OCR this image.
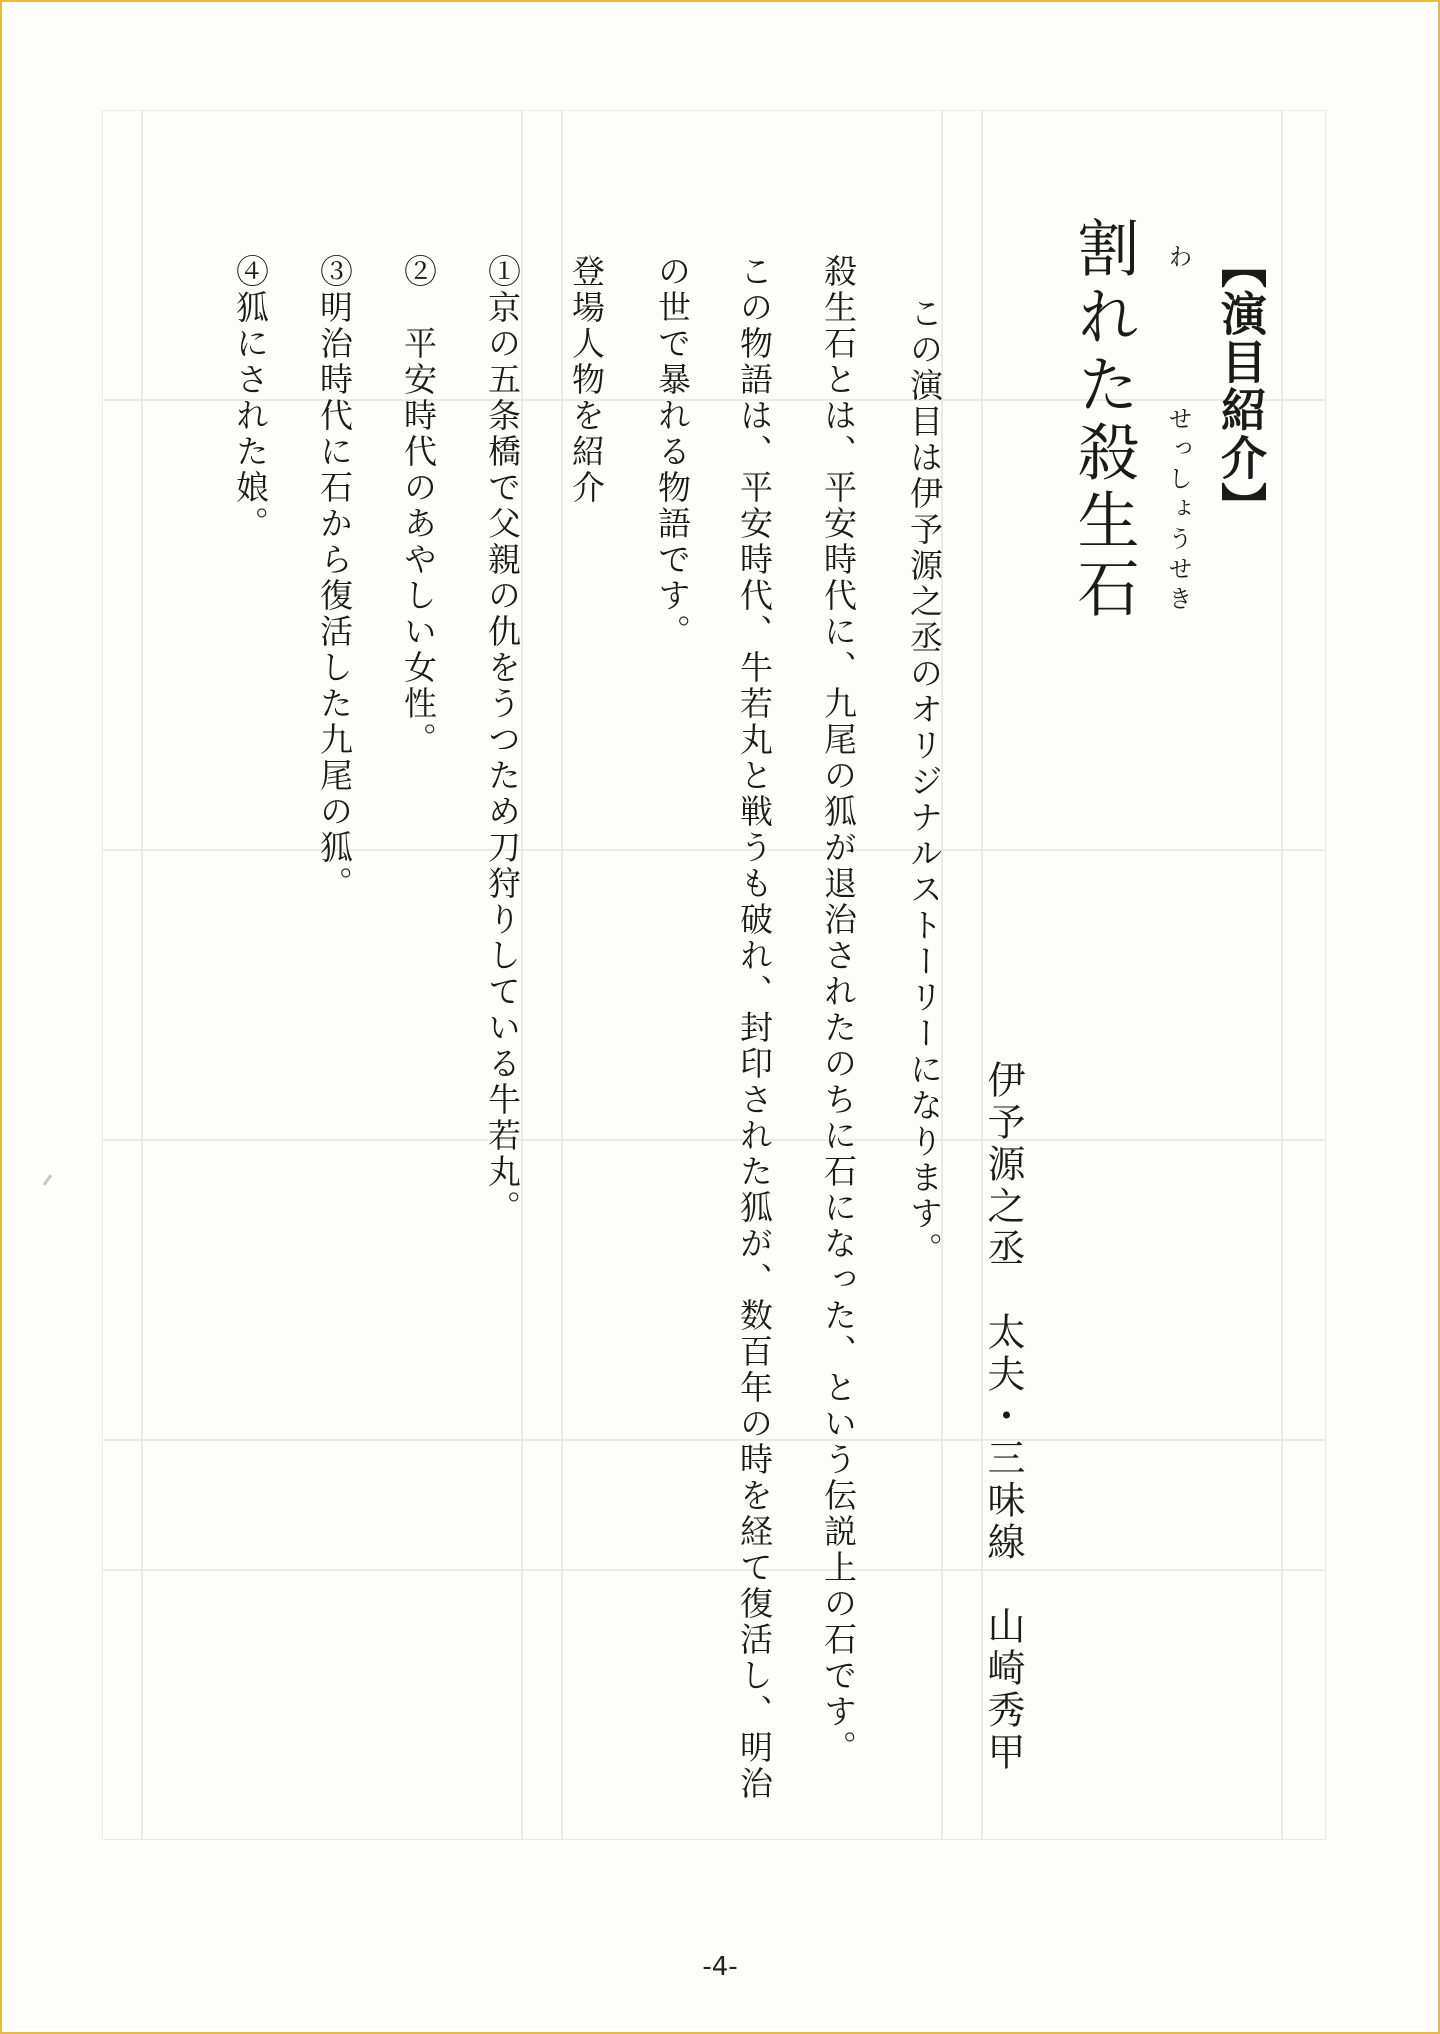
【演目紹介】
わ
せっしょうせき
割れた殺生石
伊予源之丞　太夫・三味線　山崎秀甲
この演目は伊予源之丞のオリジナルストーリーになります。
殺生石とは、平安時代に、九尾の狐が退治されたのちに石になった、という伝説上の石です。
この物語は、平安時代、牛若丸と戦うも破れ、封印された狐が、数百年の時を経て復活し、明治
の世で暴れる物語です。
登場人物を紹介
①京の五条橋で父親の仇をうつため刀狩りしている牛若丸。
②　平安時代のあやしい女性。
③明治時代に石から復活した九尾の狐。
④狐にされた娘。
-4-
